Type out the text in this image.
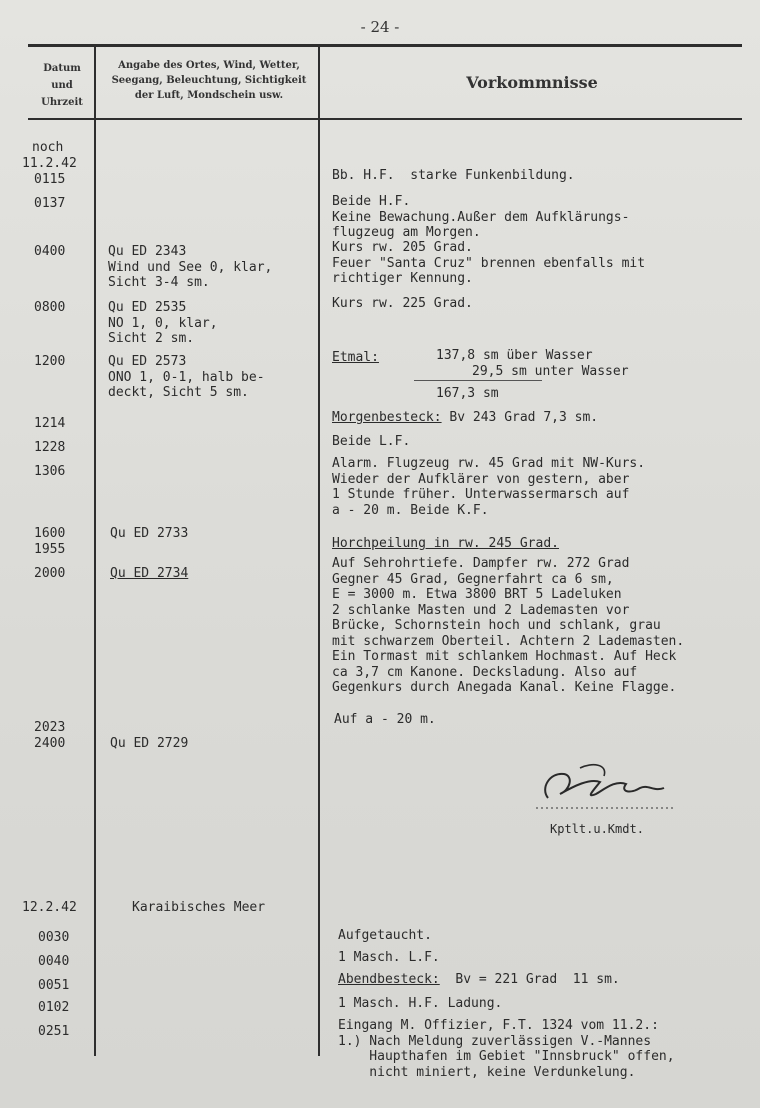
- 24 -
Datum
und
Uhrzeit
Angabe des Ortes, Wind, Wetter,
Seegang, Beleuchtung, Sichtigkeit
der Luft, Mondschein usw.
Vorkommnisse
noch
11.2.42
0115
0137
0400
0800
1200
1214
1228
1306
1600
1955
2000
2023
2400
12.2.42
0030
0040
0051
0102
0251
Qu ED 2343
Wind und See 0, klar,
Sicht 3-4 sm.
Qu ED 2535
NO 1, 0, klar,
Sicht 2 sm.
Qu ED 2573
ONO 1, 0-1, halb be-
deckt, Sicht 5 sm.
Qu ED 2733
Qu ED 2734
Qu ED 2729
Karaibisches Meer
Bb. H.F.  starke Funkenbildung.
Beide H.F.
Keine Bewachung.Außer dem Aufklärungs-
flugzeug am Morgen.
Kurs rw. 205 Grad.
Feuer "Santa Cruz" brennen ebenfalls mit
richtiger Kennung.
Kurs rw. 225 Grad.
Etmal:	137,8 sm über Wasser
29,5 sm unter Wasser
167,3 sm
Morgenbesteck: Bv 243 Grad 7,3 sm.
Beide L.F.
Alarm. Flugzeug rw. 45 Grad mit NW-Kurs.
Wieder der Aufklärer von gestern, aber
1 Stunde früher. Unterwassermarsch auf
a - 20 m. Beide K.F.
Horchpeilung in rw. 245 Grad.
Auf Sehrohrtiefe. Dampfer rw. 272 Grad
Gegner 45 Grad, Gegnerfahrt ca 6 sm,
E = 3000 m. Etwa 3800 BRT 5 Ladeluken
2 schlanke Masten und 2 Lademasten vor
Brücke, Schornstein hoch und schlank, grau
mit schwarzem Oberteil. Achtern 2 Lademasten.
Ein Tormast mit schlankem Hochmast. Auf Heck
ca 3,7 cm Kanone. Decksladung. Also auf
Gegenkurs durch Anegada Kanal. Keine Flagge.
Auf a - 20 m.
Kptlt.u.Kmdt.
Aufgetaucht.
1 Masch. L.F.
Abendbesteck:  Bv = 221 Grad  11 sm.
1 Masch. H.F. Ladung.
Eingang M. Offizier, F.T. 1324 vom 11.2.:
1.) Nach Meldung zuverlässigen V.-Mannes
Haupthafen im Gebiet "Innsbruck" offen,
nicht miniert, keine Verdunkelung.
